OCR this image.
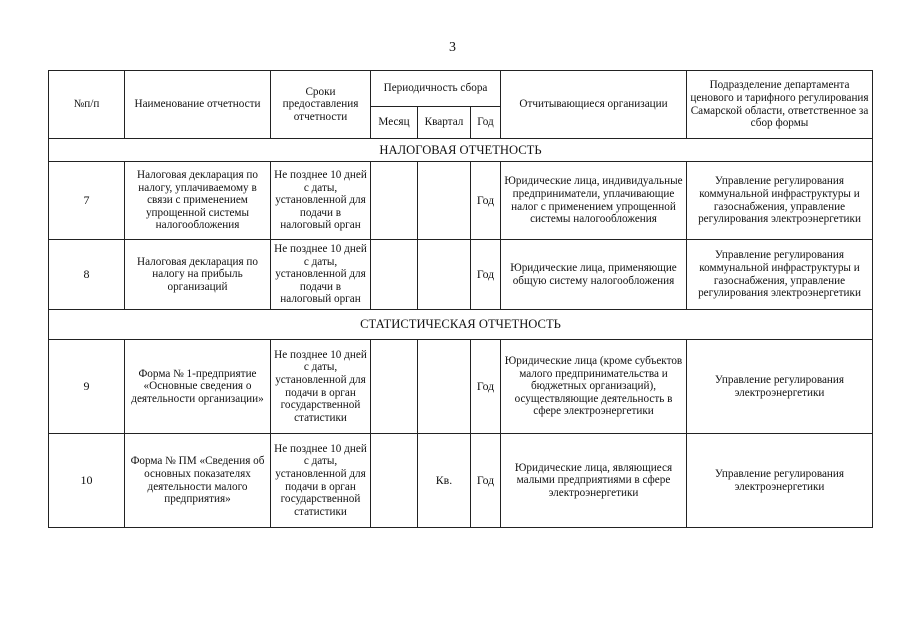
3
№п/п	Наименование отчетности	Сроки предоставления отчетности	Периодичность сбора			Отчитывающиеся организации	Подразделение департамента ценового и тарифного регулирования Самарской области, ответственное за сбор формы
			Месяц	Квартал	Год		
НАЛОГОВАЯ ОТЧЕТНОСТЬ							
7	Налоговая декларация по налогу, уплачиваемому в связи с применением упрощенной системы налогообложения	Не позднее 10 дней с даты, установленной для подачи в налоговый орган			Год	Юридические лица, индивидуальные предприниматели, уплачивающие налог с применением упрощенной системы налогообложения	Управление регулирования коммунальной инфраструктуры и газоснабжения, управление регулирования электроэнергетики
8	Налоговая декларация по налогу на прибыль организаций	Не позднее 10 дней с даты, установленной для подачи в налоговый орган			Год	Юридические лица, применяющие общую систему налогообложения	Управление регулирования коммунальной инфраструктуры и газоснабжения, управление регулирования электроэнергетики
СТАТИСТИЧЕСКАЯ ОТЧЕТНОСТЬ							
9	Форма № 1-предприятие «Основные сведения о деятельности организации»	Не позднее 10 дней с даты, установленной для подачи в орган государственной статистики			Год	Юридические лица (кроме субъектов малого предпринимательства и бюджетных организаций), осуществляющие деятельность в сфере электроэнергетики	Управление регулирования электроэнергетики
10	Форма № ПМ «Сведения об основных показателях деятельности малого предприятия»	Не позднее 10 дней с даты, установленной для подачи в орган государственной статистики		Кв.	Год	Юридические лица, являющиеся малыми предприятиями в сфере электроэнергетики	Управление регулирования электроэнергетики
